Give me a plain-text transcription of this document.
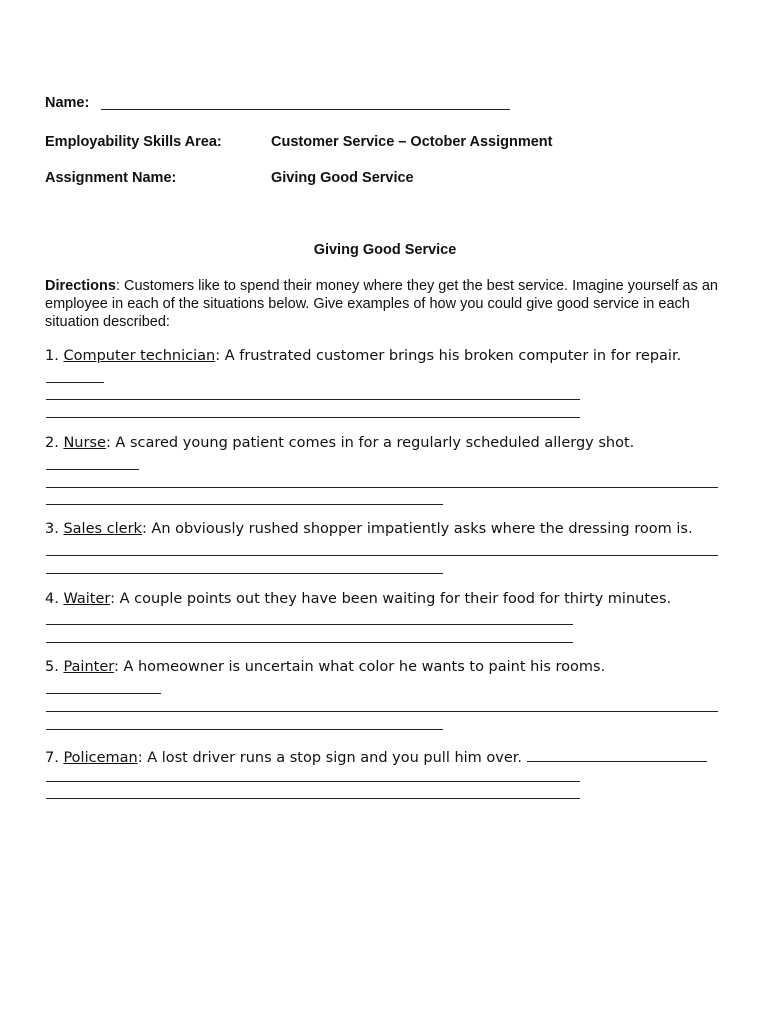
Name:
Employability Skills Area:	Customer Service – October Assignment
Assignment Name:	Giving Good Service
Giving Good Service
Directions: Customers like to spend their money where they get the best service. Imagine yourself as an employee in each of the situations below. Give examples of how you could give good service in each situation described:
1. Computer technician: A frustrated customer brings his broken computer in for repair.
2. Nurse: A scared young patient comes in for a regularly scheduled allergy shot.
3. Sales clerk: An obviously rushed shopper impatiently asks where the dressing room is.
4. Waiter: A couple points out they have been waiting for their food for thirty minutes.
5. Painter: A homeowner is uncertain what color he wants to paint his rooms.
7. Policeman: A lost driver runs a stop sign and you pull him over.
